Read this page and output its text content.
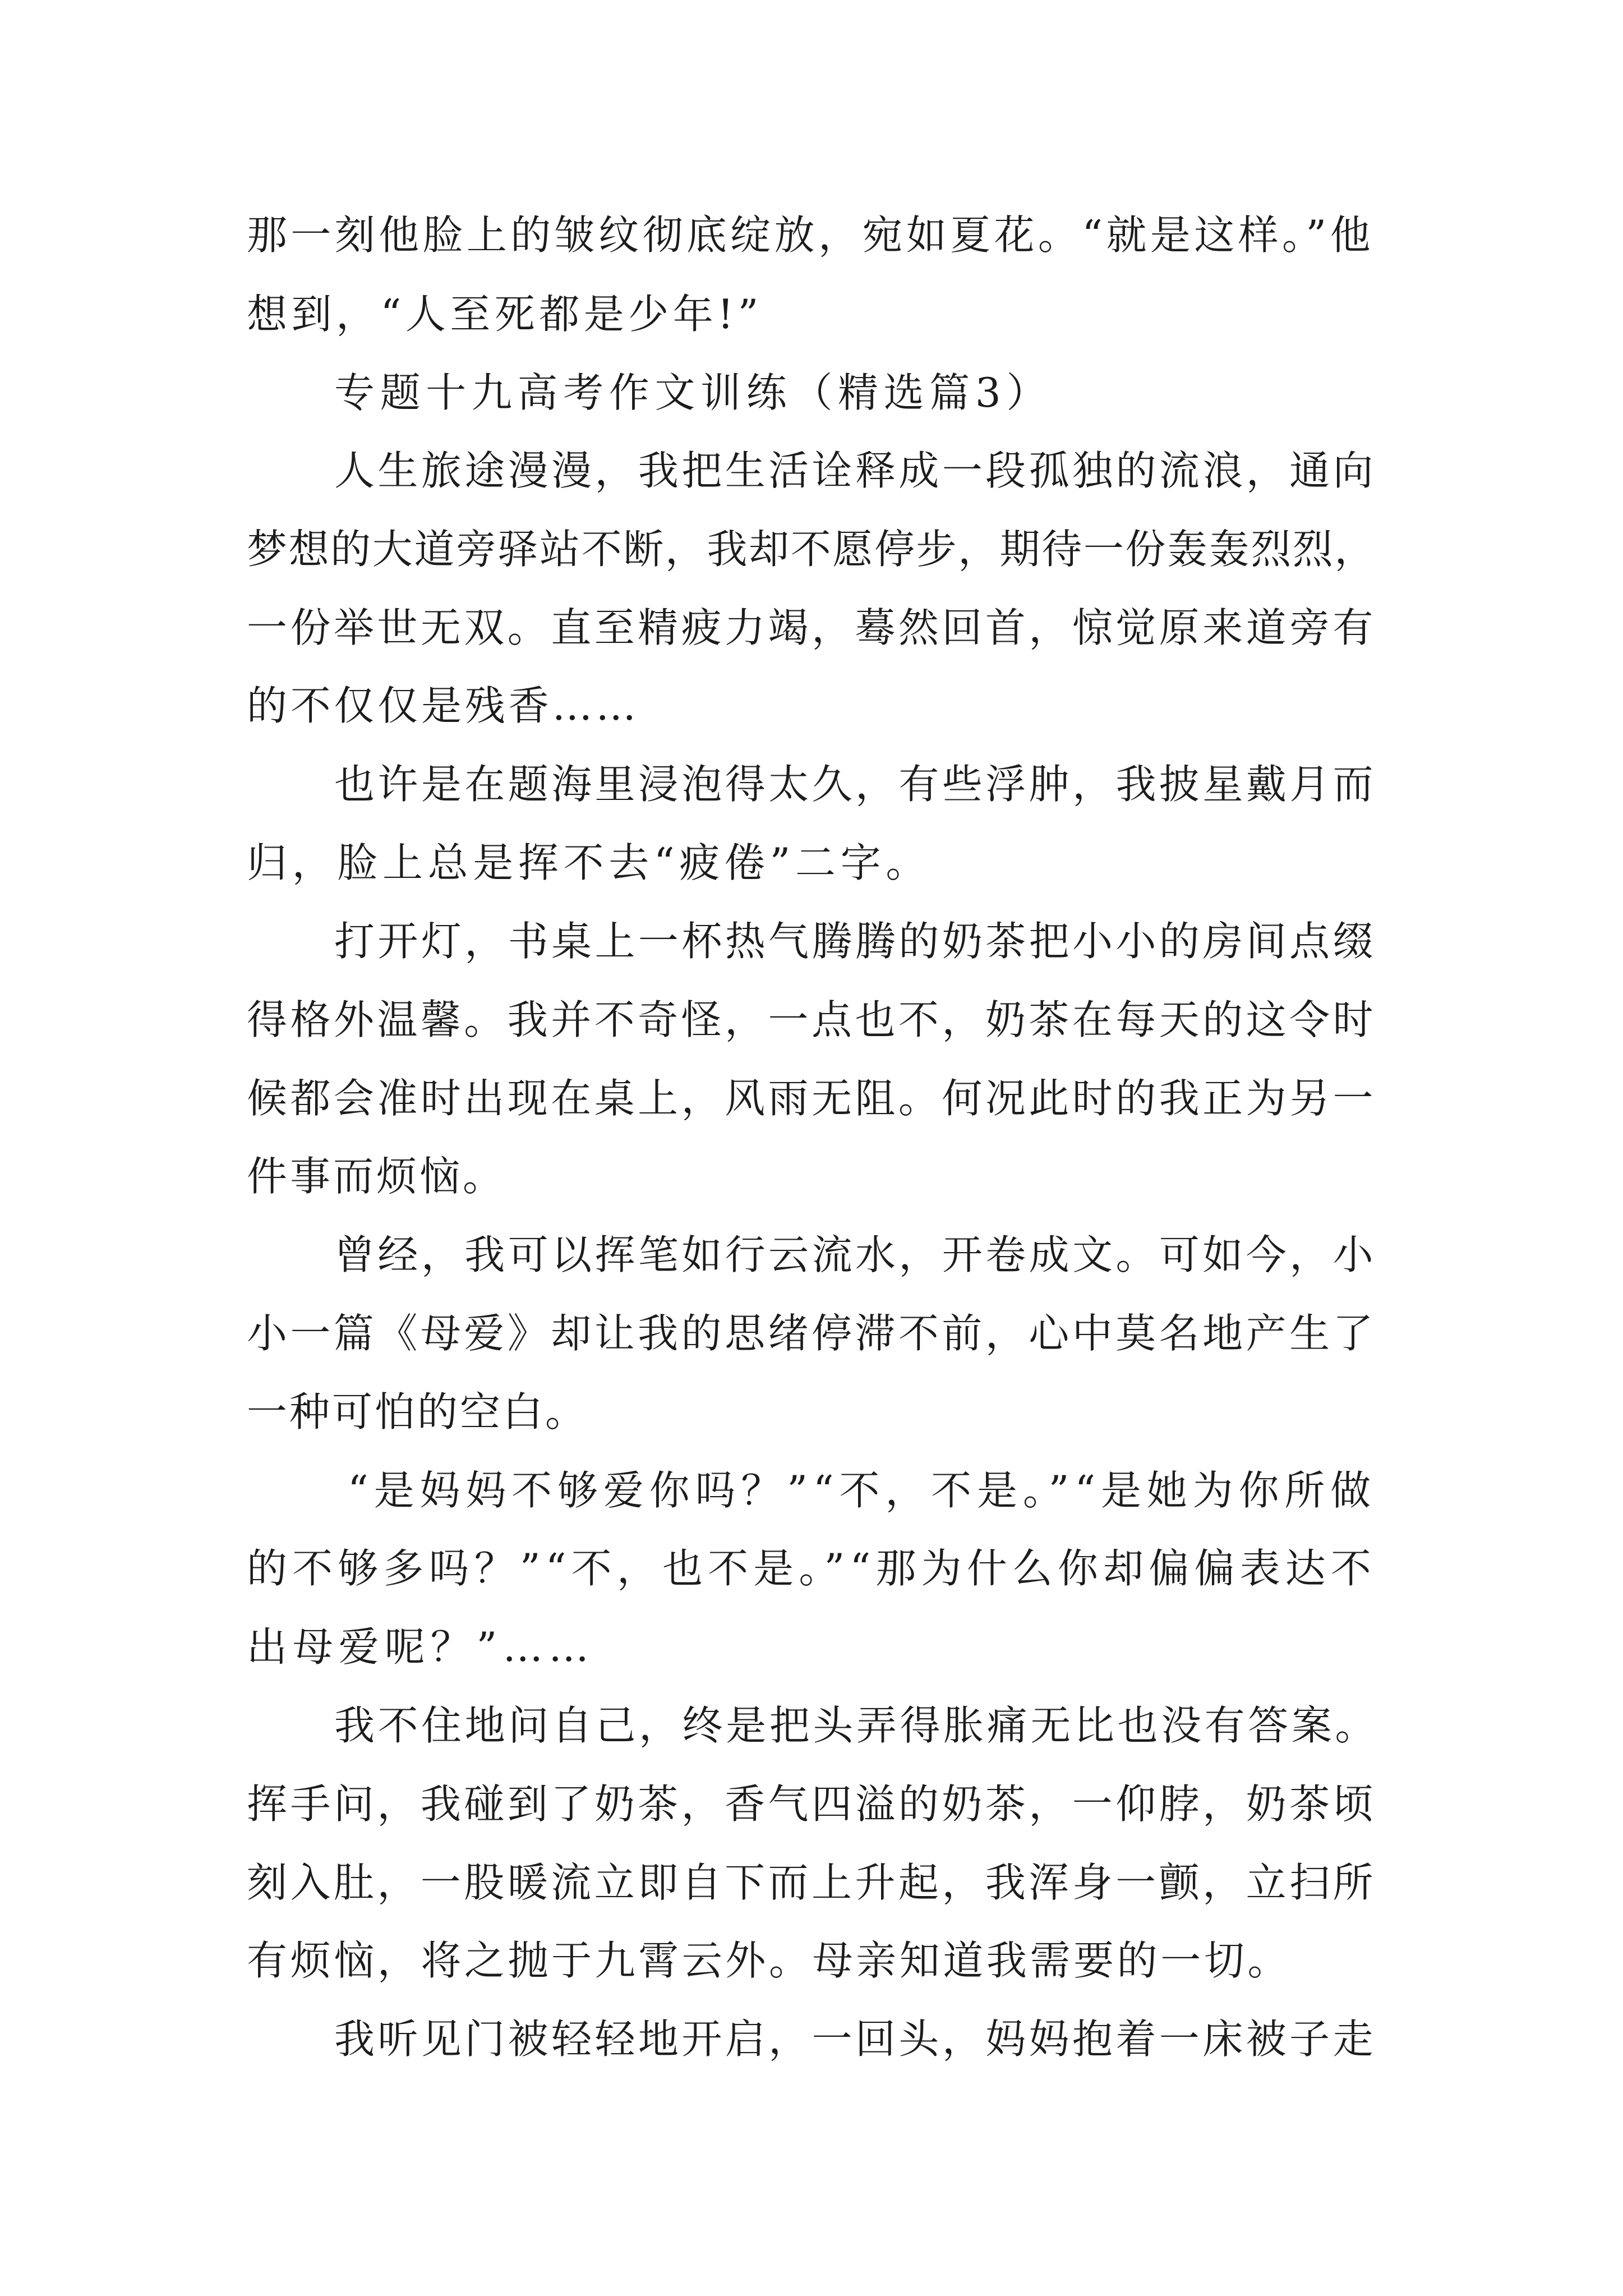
那一刻他脸上的皱纹彻底绽放，宛如夏花。“就是这样。”他

想到，“人至死都是少年!”

专题十九高考作文训练（精选篇3）

人生旅途漫漫，我把生活诠释成一段孤独的流浪，通向

梦想的大道旁驿站不断，我却不愿停步，期待一份轰轰烈烈，

一份举世无双。直至精疲力竭，蓦然回首，惊觉原来道旁有

的不仅仅是残香……

也许是在题海里浸泡得太久，有些浮肿，我披星戴月而

归，脸上总是挥不去“疲倦”二字。

打开灯，书桌上一杯热气腾腾的奶茶把小小的房间点缀

得格外温馨。我并不奇怪，一点也不，奶茶在每天的这令时

候都会准时出现在桌上，风雨无阻。何况此时的我正为另一

件事而烦恼。

曾经，我可以挥笔如行云流水，开卷成文。可如今，小

小一篇《母爱》却让我的思绪停滞不前，心中莫名地产生了

一种可怕的空白。

“是妈妈不够爱你吗？”“不，不是。”“是她为你所做

的不够多吗？”“不，也不是。”“那为什么你却偏偏表达不

出母爱呢？”……

我不住地问自己，终是把头弄得胀痛无比也没有答案。

挥手问，我碰到了奶茶，香气四溢的奶茶，一仰脖，奶茶顷

刻入肚，一股暖流立即自下而上升起，我浑身一颤，立扫所

有烦恼，将之抛于九霄云外。母亲知道我需要的一切。

我听见门被轻轻地开启，一回头，妈妈抱着一床被子走
